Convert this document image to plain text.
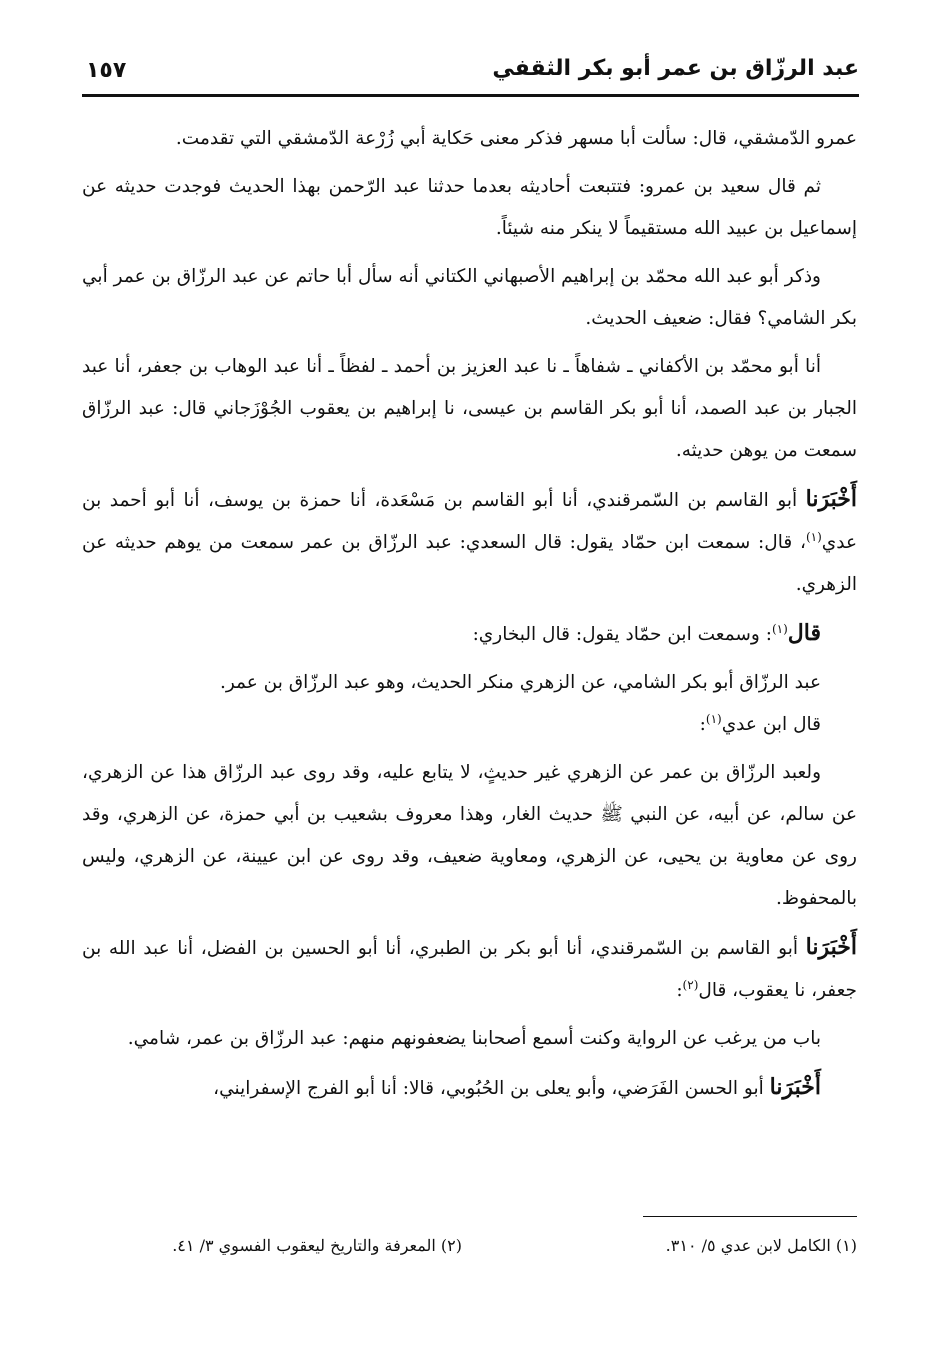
عبد الرزّاق بن عمر أبو بكر الثقفي
١٥٧

عمرو الدّمشقي، قال: سألت أبا مسهر فذكر معنى حَكاية أبي زُرْعة الدّمشقي التي تقدمت.

ثم قال سعيد بن عمرو: فتتبعت أحاديثه بعدما حدثنا عبد الرّحمن بهذا الحديث فوجدت حديثه عن إسماعيل بن عبيد الله مستقيماً لا ينكر منه شيئاً.

وذكر أبو عبد الله محمّد بن إبراهيم الأصبهاني الكتاني أنه سأل أبا حاتم عن عبد الرزّاق بن عمر أبي بكر الشامي؟ فقال: ضعيف الحديث.

أنا أبو محمّد بن الأكفاني ـ شفاهاً ـ نا عبد العزيز بن أحمد ـ لفظاً ـ أنا عبد الوهاب بن جعفر، أنا عبد الجبار بن عبد الصمد، أنا أبو بكر القاسم بن عيسى، نا إبراهيم بن يعقوب الجُوْزَجاني قال: عبد الرزّاق سمعت من يوهن حديثه.

أَخْبَرَنا أبو القاسم بن السّمرقندي، أنا أبو القاسم بن مَسْعَدة، أنا حمزة بن يوسف، أنا أبو أحمد بن عدي$^{(١)}$، قال: سمعت ابن حمّاد يقول: قال السعدي: عبد الرزّاق بن عمر سمعت من يوهم حديثه عن الزهري.

قال$^{(١)}$: وسمعت ابن حمّاد يقول: قال البخاري:

عبد الرزّاق أبو بكر الشامي، عن الزهري منكر الحديث، وهو عبد الرزّاق بن عمر.

قال ابن عدي$^{(١)}$:

ولعبد الرزّاق بن عمر عن الزهري غير حديثٍ، لا يتابع عليه، وقد روى عبد الرزّاق هذا عن الزهري، عن سالم، عن أبيه، عن النبي ﷺ حديث الغار، وهذا معروف بشعيب بن أبي حمزة، عن الزهري، وقد روى عن معاوية بن يحيى، عن الزهري، ومعاوية ضعيف، وقد روى عن ابن عيينة، عن الزهري، وليس بالمحفوظ.

أَخْبَرَنا أبو القاسم بن السّمرقندي، أنا أبو بكر بن الطبري، أنا أبو الحسين بن الفضل، أنا عبد الله بن جعفر، نا يعقوب، قال$^{(٢)}$:

باب من يرغب عن الرواية وكنت أسمع أصحابنا يضعفونهم منهم: عبد الرزّاق بن عمر، شامي.

أَخْبَرَنا أبو الحسن الفَرَضي، وأبو يعلى بن الحُبُوبي، قالا: أنا أبو الفرج الإسفرايني،

(١) الكامل لابن عدي ٥/ ٣١٠.
(٢) المعرفة والتاريخ ليعقوب الفسوي ٣/ ٤١.
